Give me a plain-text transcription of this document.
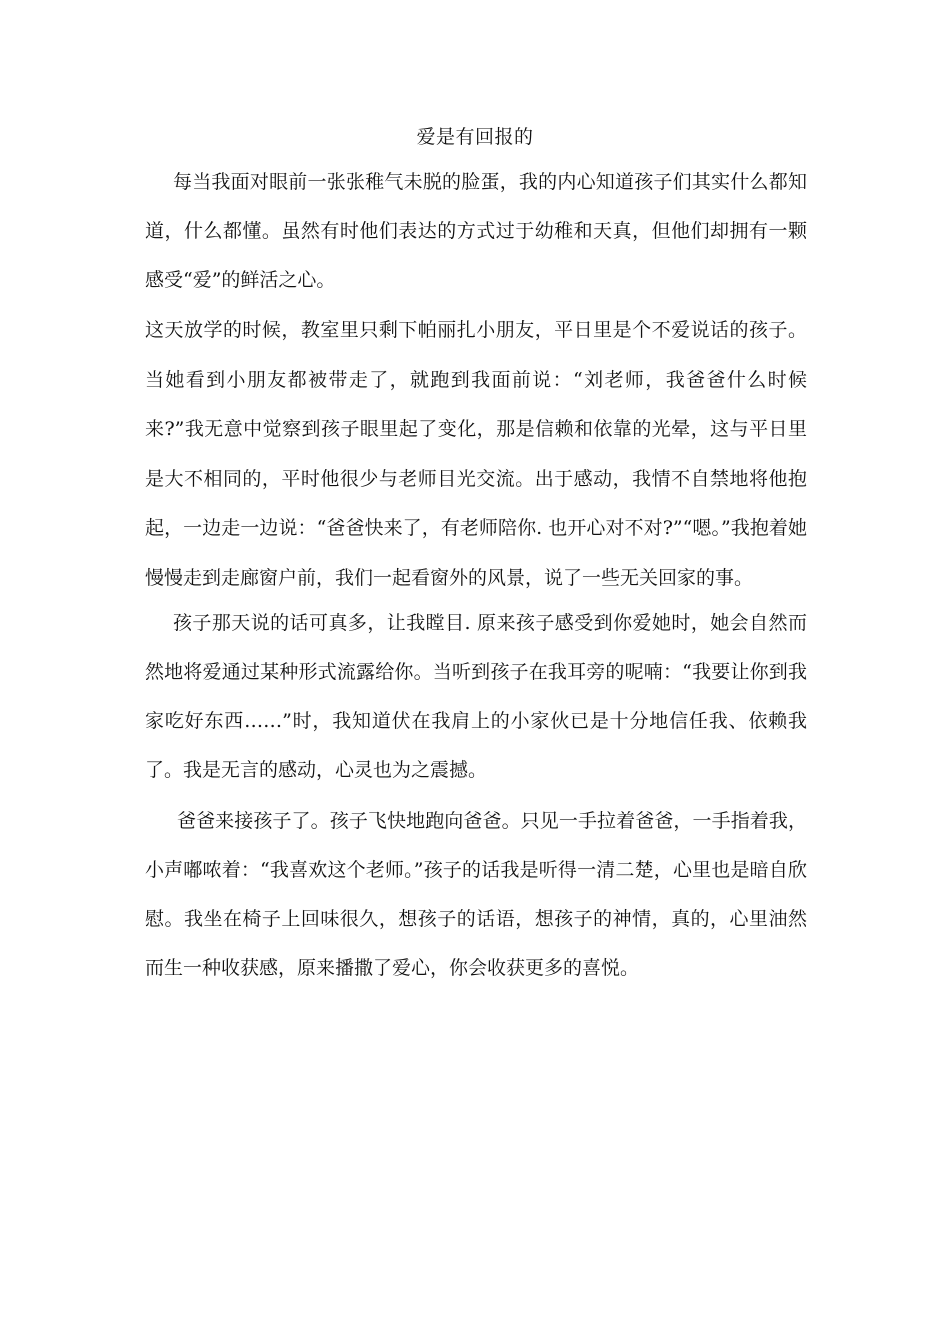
爱是有回报的

每当我面对眼前一张张稚气未脱的脸蛋，我的内心知道孩子们其实什么都知道，什么都懂。虽然有时他们表达的方式过于幼稚和天真，但他们却拥有一颗感受“爱”的鲜活之心。

这天放学的时候，教室里只剩下帕丽扎小朋友，平日里是个不爱说话的孩子。当她看到小朋友都被带走了，就跑到我面前说：“刘老师，我爸爸什么时候来?”我无意中觉察到孩子眼里起了变化，那是信赖和依靠的光晕，这与平日里是大不相同的，平时他很少与老师目光交流。出于感动，我情不自禁地将他抱起，一边走一边说：“爸爸快来了，有老师陪你. 也开心对不对?”“嗯。”我抱着她慢慢走到走廊窗户前，我们一起看窗外的风景，说了一些无关回家的事。

孩子那天说的话可真多，让我瞠目. 原来孩子感受到你爱她时，她会自然而然地将爱通过某种形式流露给你。当听到孩子在我耳旁的呢喃：“我要让你到我家吃好东西……”时，我知道伏在我肩上的小家伙已是十分地信任我、依赖我了。我是无言的感动，心灵也为之震撼。

爸爸来接孩子了。孩子飞快地跑向爸爸。只见一手拉着爸爸，一手指着我，小声嘟哝着：“我喜欢这个老师。”孩子的话我是听得一清二楚，心里也是暗自欣慰。我坐在椅子上回味很久，想孩子的话语，想孩子的神情，真的，心里油然而生一种收获感，原来播撒了爱心，你会收获更多的喜悦。
